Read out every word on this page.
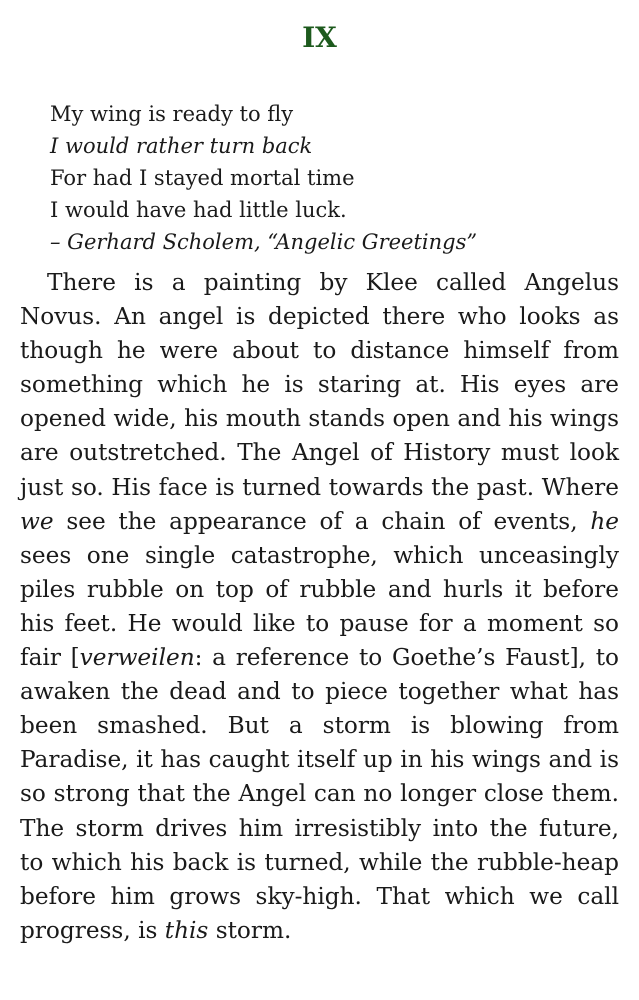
IX
My wing is ready to fly
I would rather turn back
For had I stayed mortal time
I would have had little luck.
– Gerhard Scholem, “Angelic Greetings”

There is a painting by Klee called Angelus Novus. An angel is depicted there who looks as though he were about to distance himself from something which he is staring at. His eyes are opened wide, his mouth stands open and his wings are outstretched. The Angel of History must look just so. His face is turned towards the past. Where we see the appearance of a chain of events, he sees one single catastrophe, which unceasingly piles rubble on top of rubble and hurls it before his feet. He would like to pause for a moment so fair [verweilen: a reference to Goethe’s Faust], to awaken the dead and to piece together what has been smashed. But a storm is blowing from Paradise, it has caught itself up in his wings and is so strong that the Angel can no longer close them. The storm drives him irresistibly into the future, to which his back is turned, while the rubble-heap before him grows sky-high. That which we call progress, is this storm.
